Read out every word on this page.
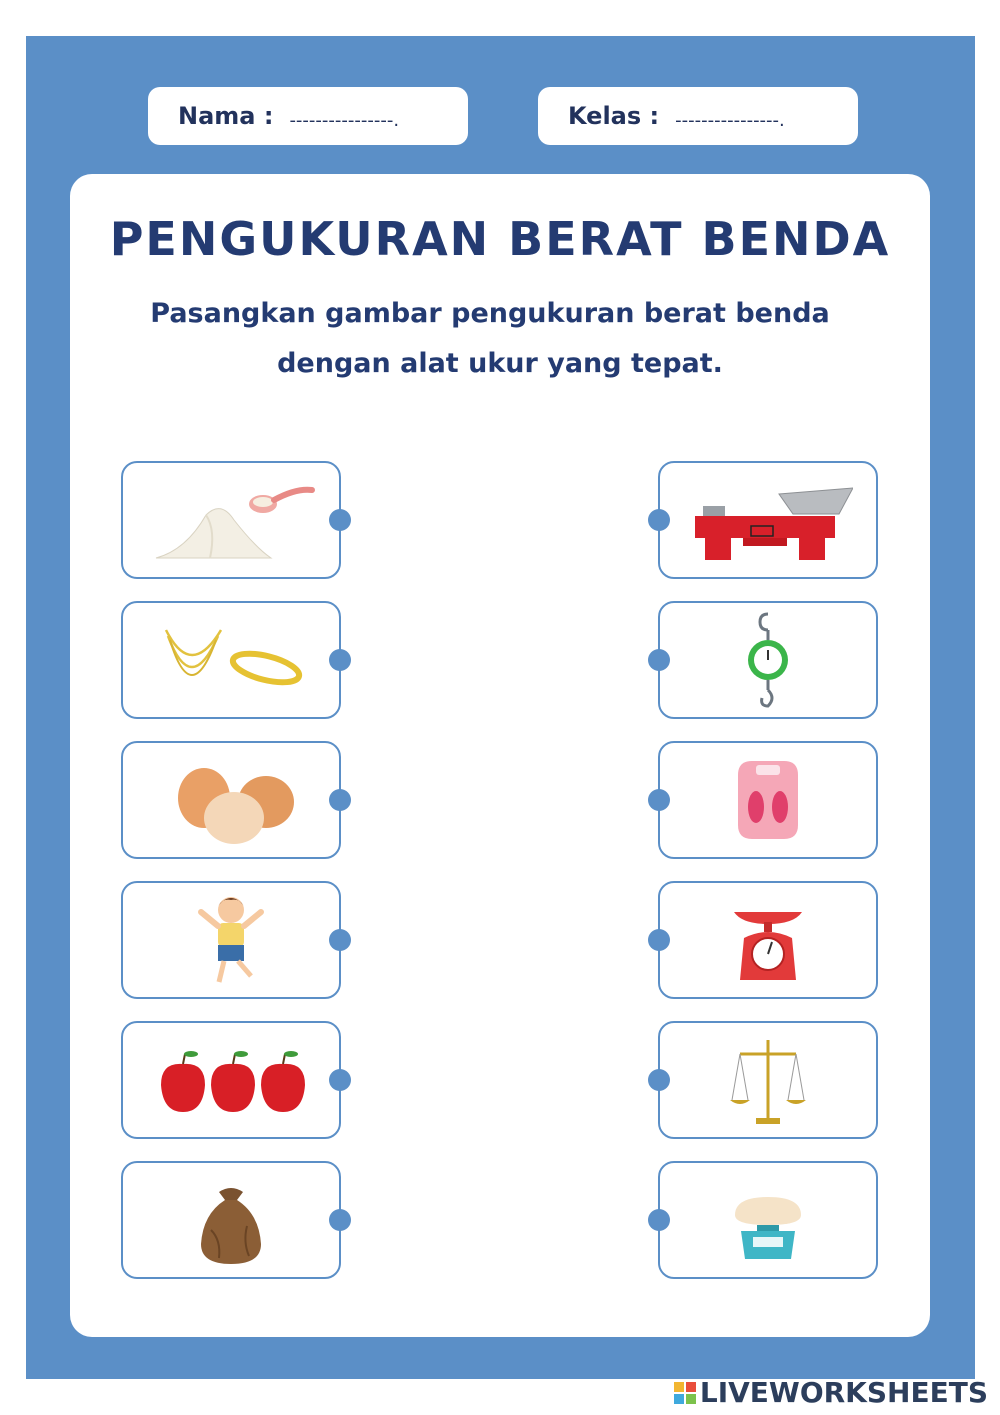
Nama : ----------------.	Kelas : ----------------.
PENGUKURAN BERAT BENDA
Pasangkan gambar pengukuran berat benda
dengan alat ukur yang tepat.
LIVEWORKSHEETS
